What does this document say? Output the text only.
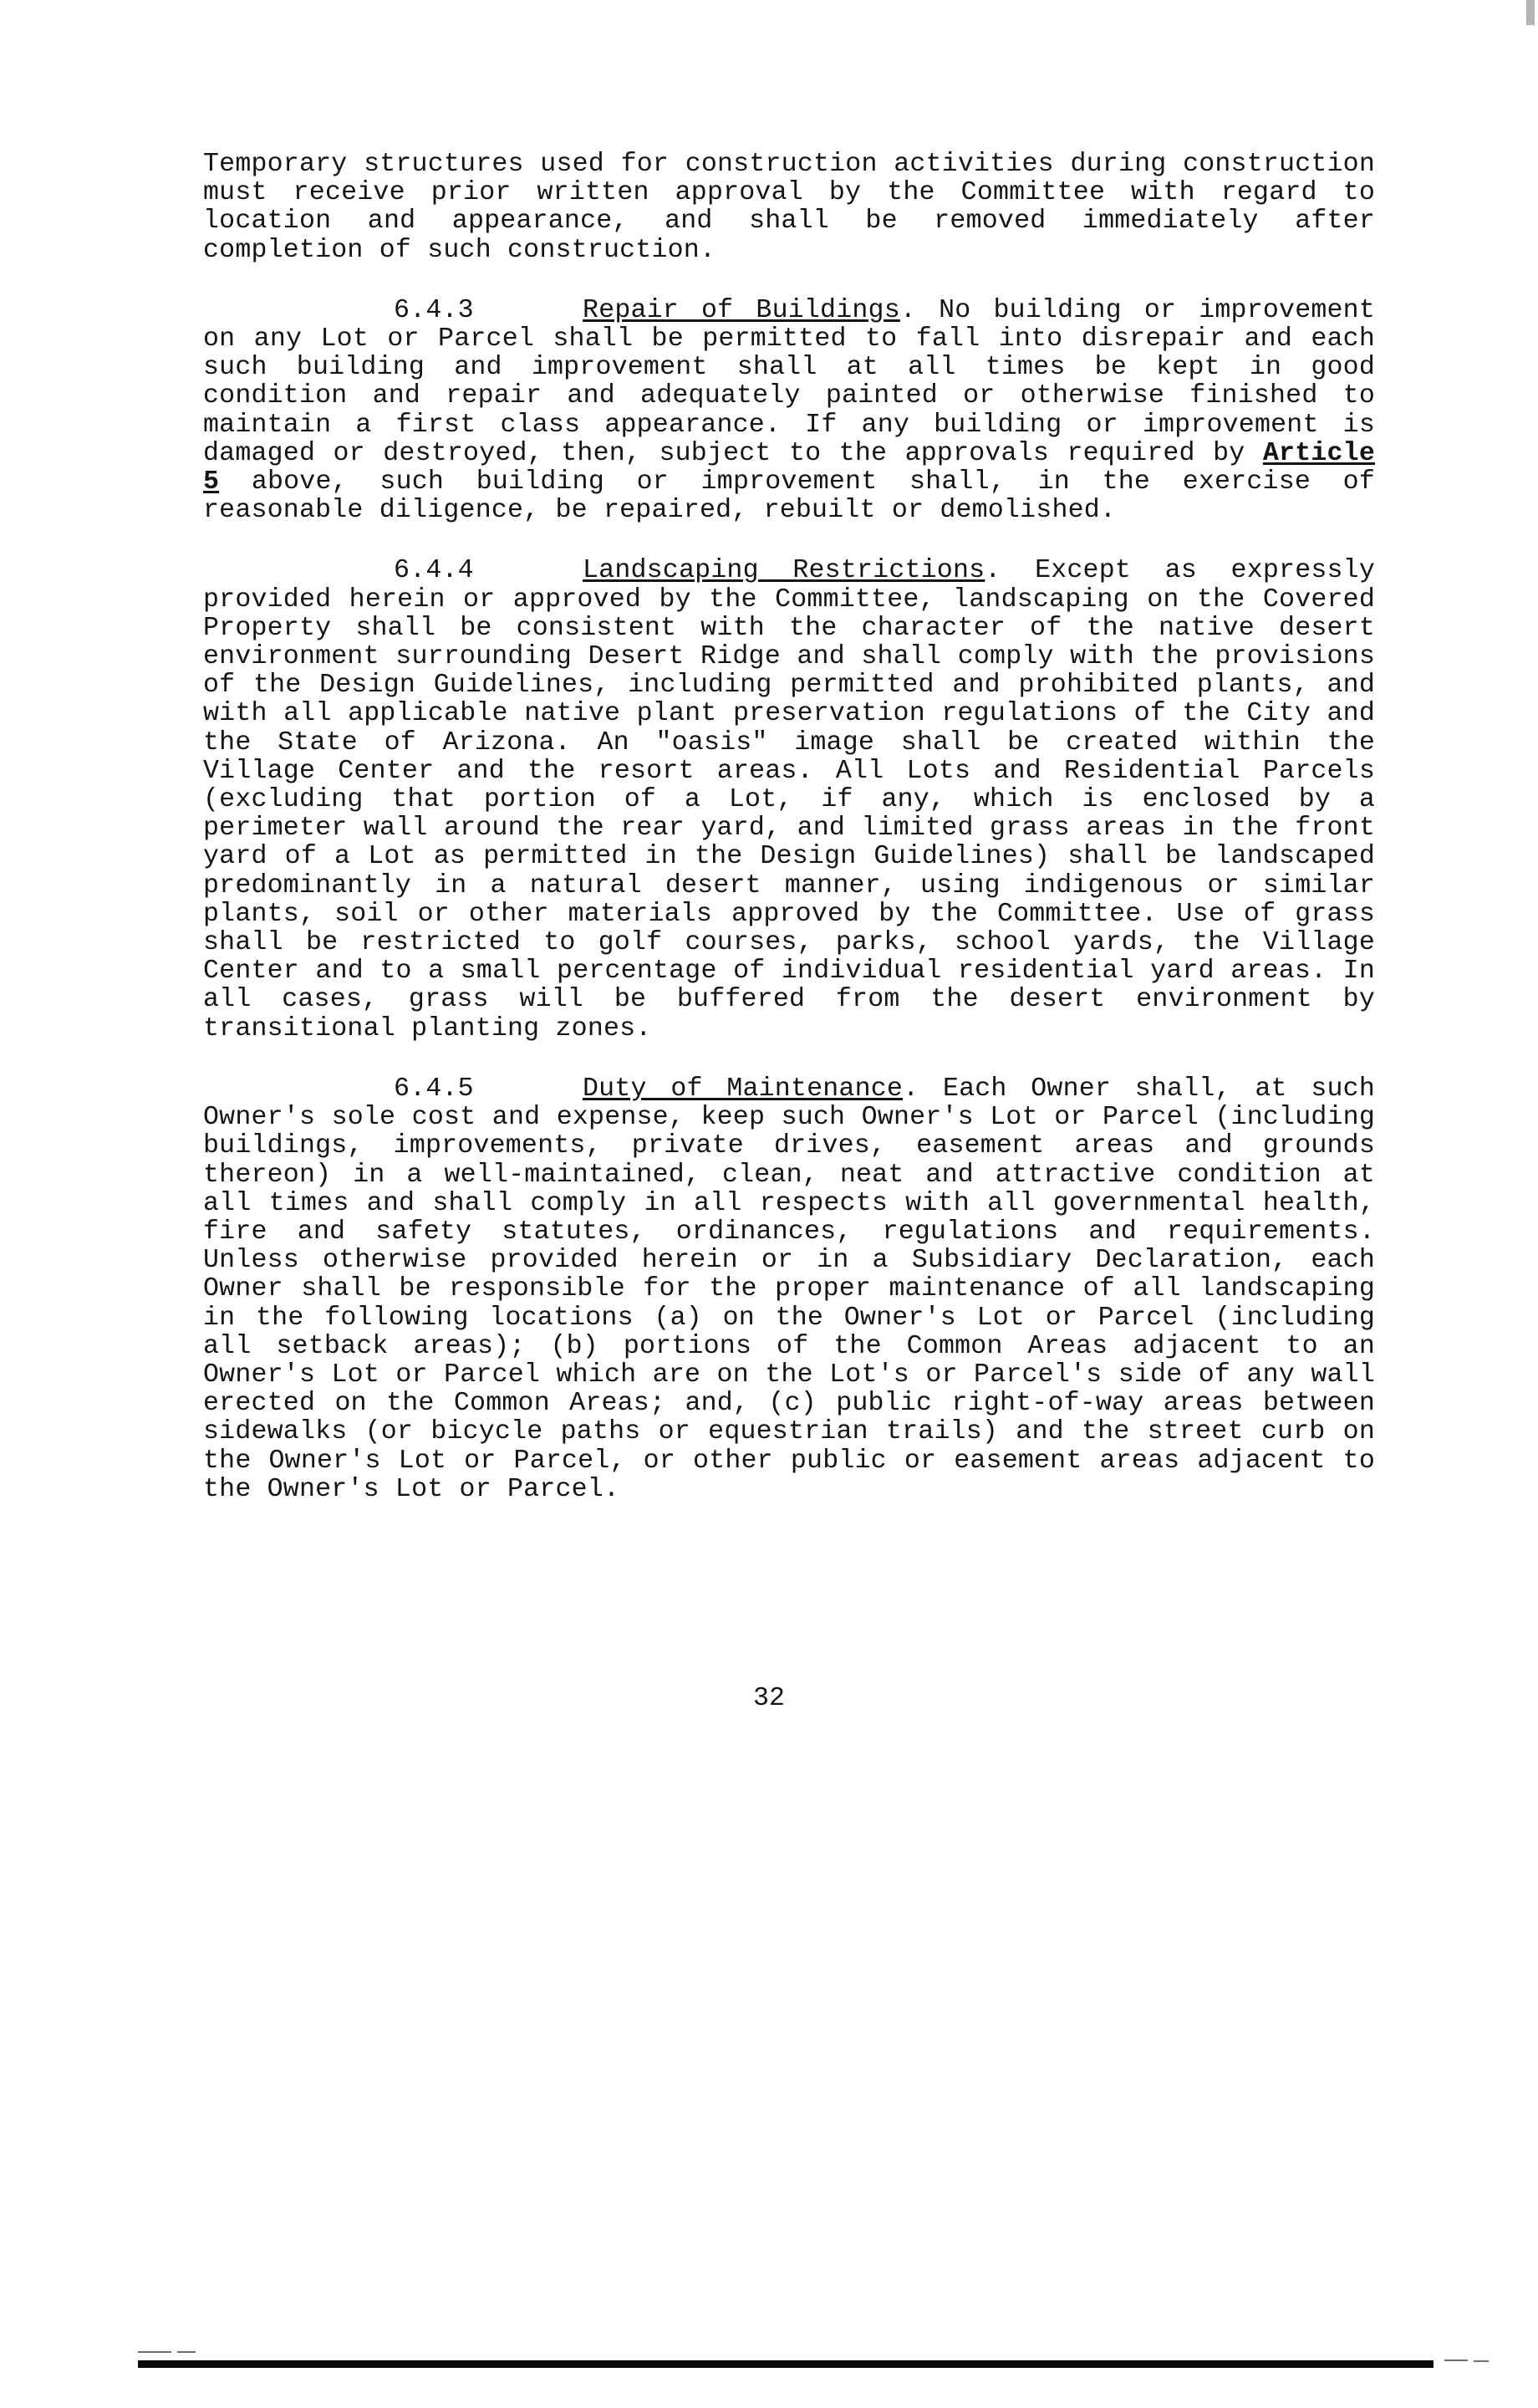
Temporary structures used for construction activities during construction must receive prior written approval by the Committee with regard to location and appearance, and shall be removed immediately after completion of such construction.

6.4.3	Repair of Buildings. No building or improvement on any Lot or Parcel shall be permitted to fall into disrepair and each such building and improvement shall at all times be kept in good condition and repair and adequately painted or otherwise finished to maintain a first class appearance. If any building or improvement is damaged or destroyed, then, subject to the approvals required by Article 5 above, such building or improvement shall, in the exercise of reasonable diligence, be repaired, rebuilt or demolished.

6.4.4	Landscaping Restrictions. Except as expressly provided herein or approved by the Committee, landscaping on the Covered Property shall be consistent with the character of the native desert environment surrounding Desert Ridge and shall comply with the provisions of the Design Guidelines, including permitted and prohibited plants, and with all applicable native plant preservation regulations of the City and the State of Arizona. An "oasis" image shall be created within the Village Center and the resort areas. All Lots and Residential Parcels (excluding that portion of a Lot, if any, which is enclosed by a perimeter wall around the rear yard, and limited grass areas in the front yard of a Lot as permitted in the Design Guidelines) shall be landscaped predominantly in a natural desert manner, using indigenous or similar plants, soil or other materials approved by the Committee. Use of grass shall be restricted to golf courses, parks, school yards, the Village Center and to a small percentage of individual residential yard areas. In all cases, grass will be buffered from the desert environment by transitional planting zones.

6.4.5	Duty of Maintenance. Each Owner shall, at such Owner's sole cost and expense, keep such Owner's Lot or Parcel (including buildings, improvements, private drives, easement areas and grounds thereon) in a well-maintained, clean, neat and attractive condition at all times and shall comply in all respects with all governmental health, fire and safety statutes, ordinances, regulations and requirements. Unless otherwise provided herein or in a Subsidiary Declaration, each Owner shall be responsible for the proper maintenance of all landscaping in the following locations (a) on the Owner's Lot or Parcel (including all setback areas); (b) portions of the Common Areas adjacent to an Owner's Lot or Parcel which are on the Lot's or Parcel's side of any wall erected on the Common Areas; and, (c) public right-of-way areas between sidewalks (or bicycle paths or equestrian trails) and the street curb on the Owner's Lot or Parcel, or other public or easement areas adjacent to the Owner's Lot or Parcel.

32
